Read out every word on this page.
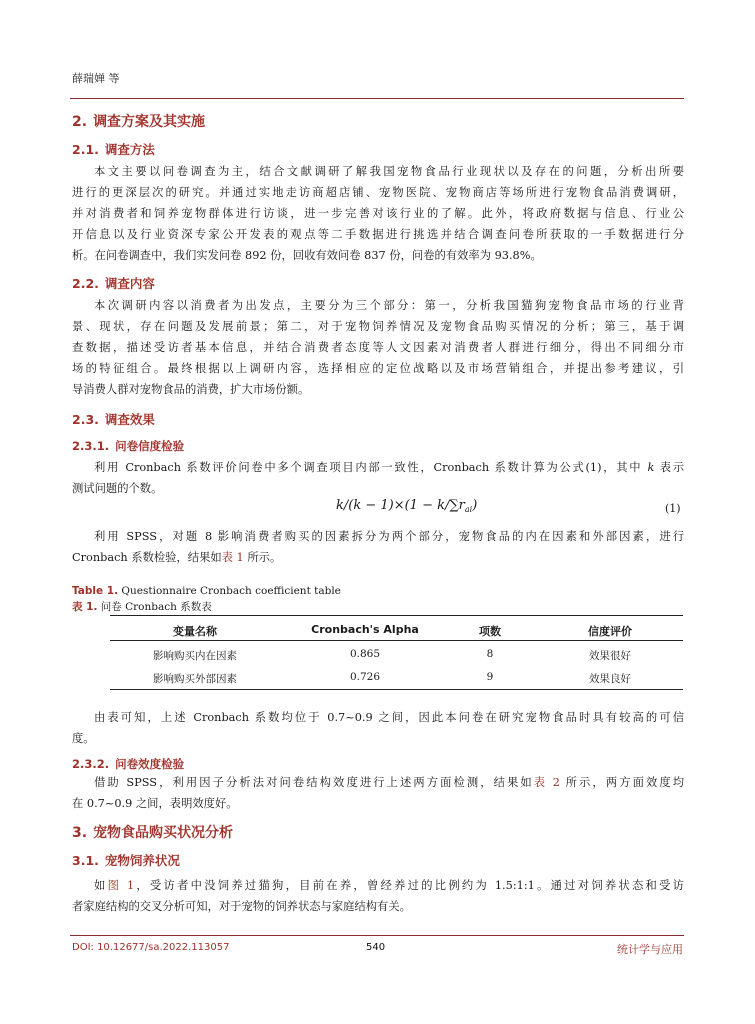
薛瑞婵 等
2. 调查方案及其实施
2.1. 调查方法
本文主要以问卷调查为主，结合文献调研了解我国宠物食品行业现状以及存在的问题，分析出所要
进行的更深层次的研究。并通过实地走访商超店铺、宠物医院、宠物商店等场所进行宠物食品消费调研，
并对消费者和饲养宠物群体进行访谈，进一步完善对该行业的了解。此外，将政府数据与信息、行业公
开信息以及行业资深专家公开发表的观点等二手数据进行挑选并结合调查问卷所获取的一手数据进行分
析。在问卷调查中，我们实发问卷 892 份，回收有效问卷 837 份，问卷的有效率为 93.8%。
2.2. 调查内容
本次调研内容以消费者为出发点，主要分为三个部分：第一，分析我国猫狗宠物食品市场的行业背
景、现状，存在问题及发展前景；第二，对于宠物饲养情况及宠物食品购买情况的分析；第三，基于调
查数据，描述受访者基本信息，并结合消费者态度等人文因素对消费者人群进行细分，得出不同细分市
场的特征组合。最终根据以上调研内容，选择相应的定位战略以及市场营销组合，并提出参考建议，引
导消费人群对宠物食品的消费，扩大市场份额。
2.3. 调查效果
2.3.1. 问卷信度检验
利用 Cronbach 系数评价问卷中多个调查项目内部一致性，Cronbach 系数计算为公式(1)，其中 k 表示
测试问题的个数。
$k/(k - 1)\times(1 - k/\sum r_{ai})$	(1)
利用 SPSS，对题 8 影响消费者购买的因素拆分为两个部分，宠物食品的内在因素和外部因素，进行
Cronbach 系数检验，结果如表 1 所示。
Table 1. Questionnaire Cronbach coefficient table
表 1. 问卷 Cronbach 系数表
变量名称	Cronbach's Alpha	项数	信度评价
影响购买内在因素	0.865	8	效果很好
影响购买外部因素	0.726	9	效果良好
由表可知，上述 Cronbach 系数均位于 0.7~0.9 之间，因此本问卷在研究宠物食品时具有较高的可信
度。
2.3.2. 问卷效度检验
借助 SPSS，利用因子分析法对问卷结构效度进行上述两方面检测，结果如表 2 所示，两方面效度均
在 0.7~0.9 之间，表明效度好。
3. 宠物食品购买状况分析
3.1. 宠物饲养状况
如图 1，受访者中没饲养过猫狗，目前在养，曾经养过的比例约为 1.5:1:1。通过对饲养状态和受访
者家庭结构的交叉分析可知，对于宠物的饲养状态与家庭结构有关。
DOI: 10.12677/sa.2022.113057	540	统计学与应用
